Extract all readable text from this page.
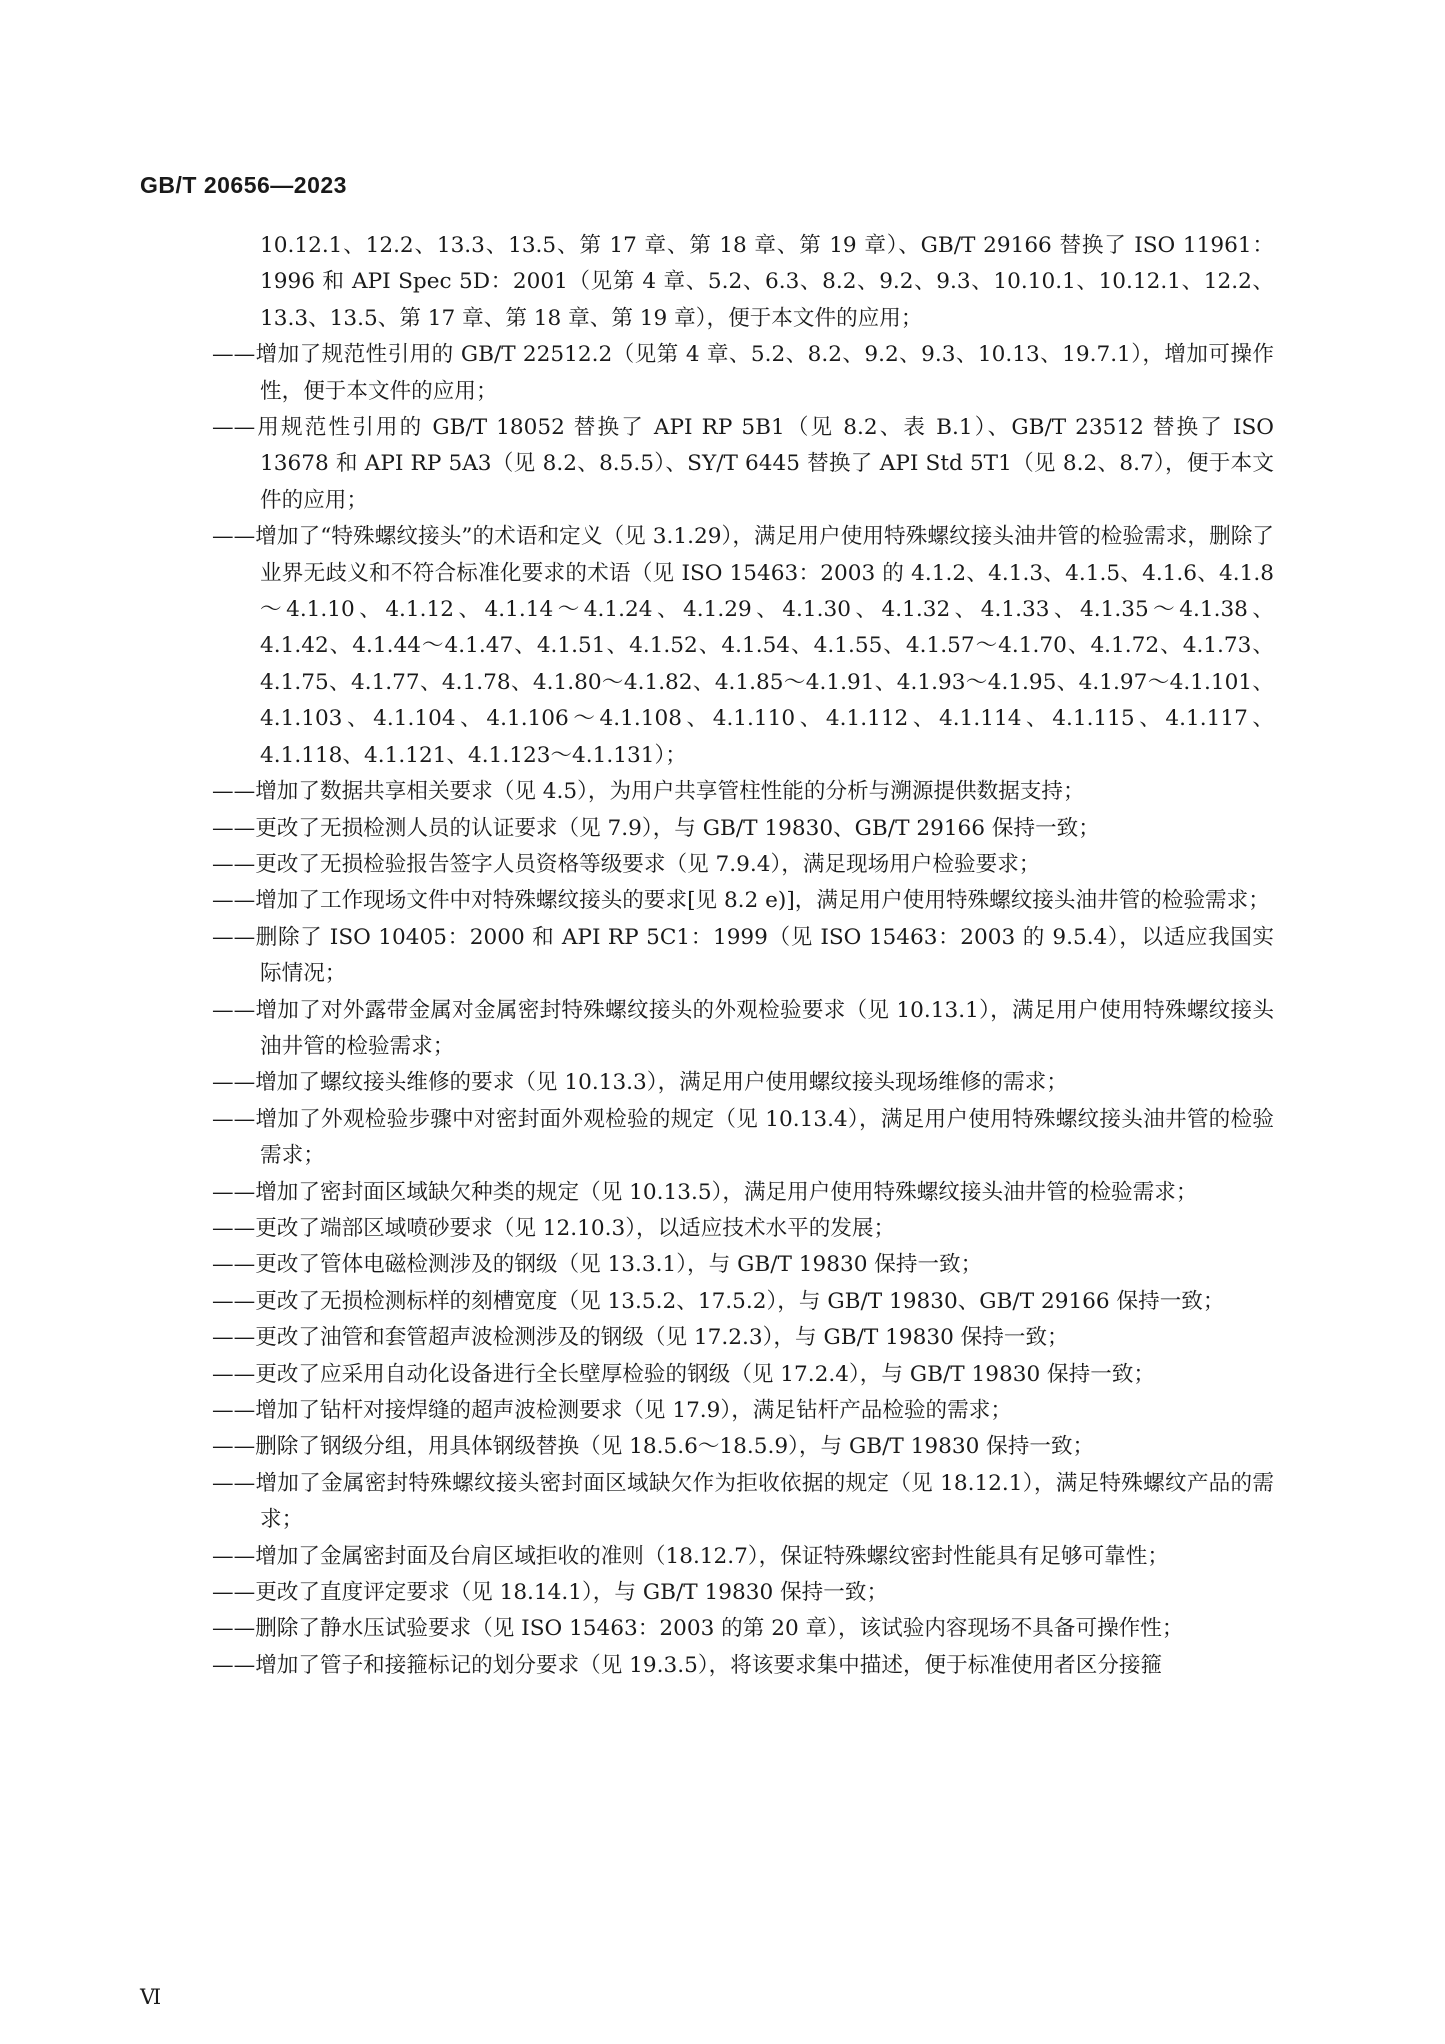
GB/T 20656—2023
10.12.1、12.2、13.3、13.5、第 17 章、第 18 章、第 19 章）、GB/T 29166 替换了 ISO 11961：1996 和 API Spec 5D：2001（见第 4 章、5.2、6.3、8.2、9.2、9.3、10.10.1、10.12.1、12.2、13.3、13.5、第 17 章、第 18 章、第 19 章），便于本文件的应用；
——增加了规范性引用的 GB/T 22512.2（见第 4 章、5.2、8.2、9.2、9.3、10.13、19.7.1），增加可操作性，便于本文件的应用；
——用规范性引用的 GB/T 18052 替换了 API RP 5B1（见 8.2、表 B.1）、GB/T 23512 替换了 ISO 13678 和 API RP 5A3（见 8.2、8.5.5）、SY/T 6445 替换了 API Std 5T1（见 8.2、8.7），便于本文件的应用；
——增加了“特殊螺纹接头”的术语和定义（见 3.1.29），满足用户使用特殊螺纹接头油井管的检验需求，删除了业界无歧义和不符合标准化要求的术语（见 ISO 15463：2003 的 4.1.2、4.1.3、4.1.5、4.1.6、4.1.8～4.1.10、4.1.12、4.1.14～4.1.24、4.1.29、4.1.30、4.1.32、4.1.33、4.1.35～4.1.38、4.1.42、4.1.44～4.1.47、4.1.51、4.1.52、4.1.54、4.1.55、4.1.57～4.1.70、4.1.72、4.1.73、4.1.75、4.1.77、4.1.78、4.1.80～4.1.82、4.1.85～4.1.91、4.1.93～4.1.95、4.1.97～4.1.101、4.1.103、4.1.104、4.1.106～4.1.108、4.1.110、4.1.112、4.1.114、4.1.115、4.1.117、4.1.118、4.1.121、4.1.123～4.1.131）；
——增加了数据共享相关要求（见 4.5），为用户共享管柱性能的分析与溯源提供数据支持；
——更改了无损检测人员的认证要求（见 7.9），与 GB/T 19830、GB/T 29166 保持一致；
——更改了无损检验报告签字人员资格等级要求（见 7.9.4），满足现场用户检验要求；
——增加了工作现场文件中对特殊螺纹接头的要求[见 8.2 e)]，满足用户使用特殊螺纹接头油井管的检验需求；
——删除了 ISO 10405：2000 和 API RP 5C1：1999（见 ISO 15463：2003 的 9.5.4），以适应我国实际情况；
——增加了对外露带金属对金属密封特殊螺纹接头的外观检验要求（见 10.13.1），满足用户使用特殊螺纹接头油井管的检验需求；
——增加了螺纹接头维修的要求（见 10.13.3），满足用户使用螺纹接头现场维修的需求；
——增加了外观检验步骤中对密封面外观检验的规定（见 10.13.4），满足用户使用特殊螺纹接头油井管的检验需求；
——增加了密封面区域缺欠种类的规定（见 10.13.5），满足用户使用特殊螺纹接头油井管的检验需求；
——更改了端部区域喷砂要求（见 12.10.3），以适应技术水平的发展；
——更改了管体电磁检测涉及的钢级（见 13.3.1），与 GB/T 19830 保持一致；
——更改了无损检测标样的刻槽宽度（见 13.5.2、17.5.2），与 GB/T 19830、GB/T 29166 保持一致；
——更改了油管和套管超声波检测涉及的钢级（见 17.2.3），与 GB/T 19830 保持一致；
——更改了应采用自动化设备进行全长壁厚检验的钢级（见 17.2.4），与 GB/T 19830 保持一致；
——增加了钻杆对接焊缝的超声波检测要求（见 17.9），满足钻杆产品检验的需求；
——删除了钢级分组，用具体钢级替换（见 18.5.6～18.5.9），与 GB/T 19830 保持一致；
——增加了金属密封特殊螺纹接头密封面区域缺欠作为拒收依据的规定（见 18.12.1），满足特殊螺纹产品的需求；
——增加了金属密封面及台肩区域拒收的准则（18.12.7），保证特殊螺纹密封性能具有足够可靠性；
——更改了直度评定要求（见 18.14.1），与 GB/T 19830 保持一致；
——删除了静水压试验要求（见 ISO 15463：2003 的第 20 章），该试验内容现场不具备可操作性；
——增加了管子和接箍标记的划分要求（见 19.3.5），将该要求集中描述，便于标准使用者区分接箍
Ⅵ
